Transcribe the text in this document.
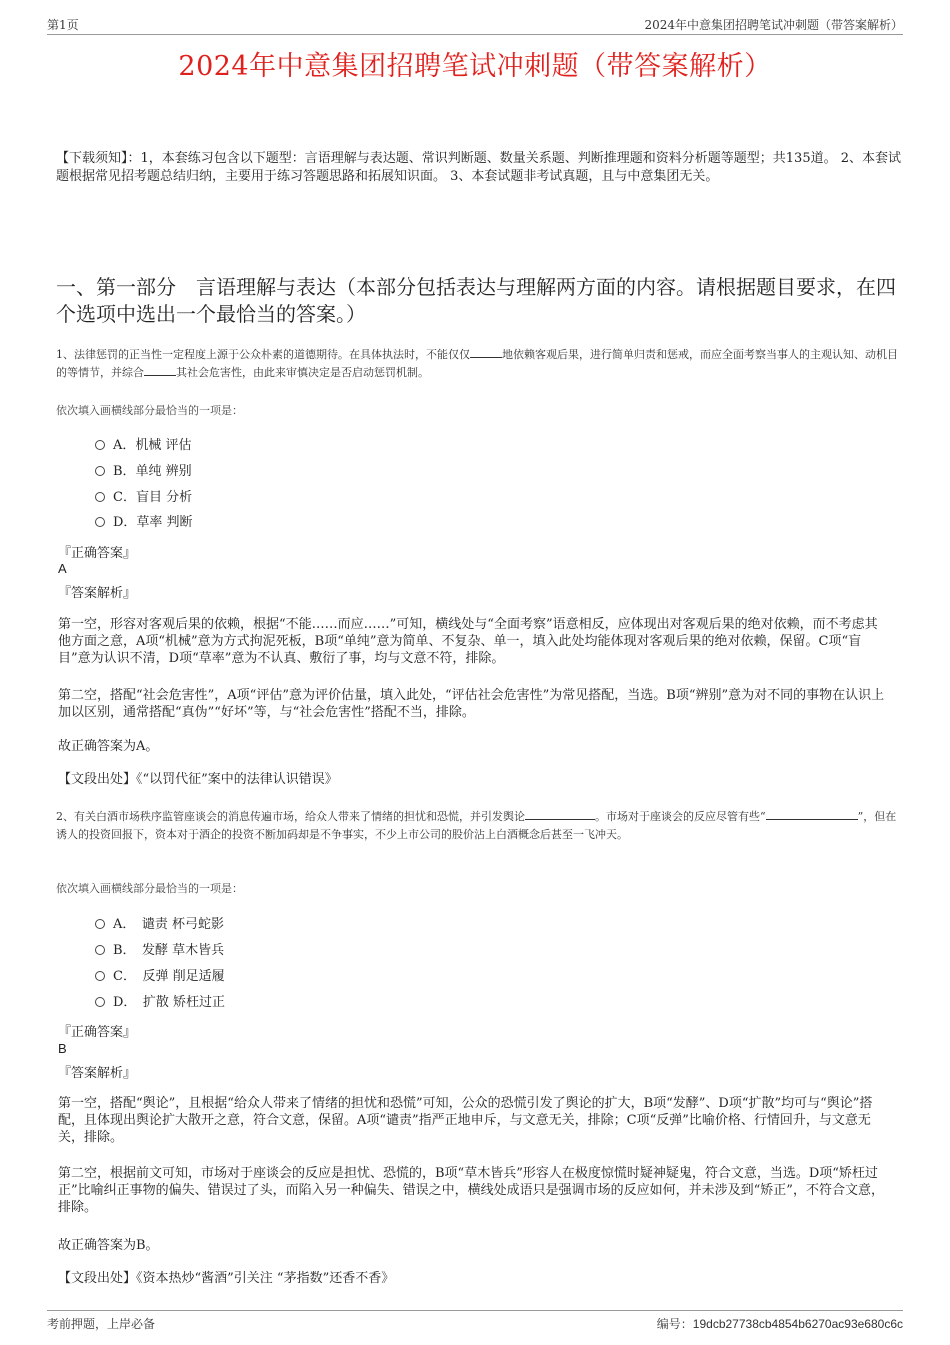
第1页	2024年中意集团招聘笔试冲刺题（带答案解析）
2024年中意集团招聘笔试冲刺题（带答案解析）
【下载须知】：1，本套练习包含以下题型：言语理解与表达题、常识判断题、数量关系题、判断推理题和资料分析题等题型；共135道。 2、本套试题根据常见招考题总结归纳，主要用于练习答题思路和拓展知识面。 3、本套试题非考试真题，且与中意集团无关。
一、第一部分　言语理解与表达（本部分包括表达与理解两方面的内容。请根据题目要求，在四个选项中选出一个最恰当的答案。）
1、法律惩罚的正当性一定程度上源于公众朴素的道德期待。在具体执法时，不能仅仅	地依赖客观后果，进行简单归责和惩戒，而应全面考察当事人的主观认知、动机目的等情节，并综合	其社会危害性，由此来审慎决定是否启动惩罚机制。
依次填入画横线部分最恰当的一项是：
A．机械 评估
B．单纯 辨别
C．盲目 分析
D．草率 判断
『正确答案』
A
『答案解析』
第一空，形容对客观后果的依赖，根据“不能……而应……”可知，横线处与“全面考察”语意相反，应体现出对客观后果的绝对依赖，而不考虑其他方面之意，A项“机械”意为方式拘泥死板，B项“单纯”意为简单、不复杂、单一，填入此处均能体现对客观后果的绝对依赖，保留。C项“盲目”意为认识不清，D项“草率”意为不认真、敷衍了事，均与文意不符，排除。
第二空，搭配“社会危害性”，A项“评估”意为评价估量，填入此处，“评估社会危害性”为常见搭配，当选。B项“辨别”意为对不同的事物在认识上加以区别，通常搭配“真伪”“好坏”等，与“社会危害性”搭配不当，排除。
故正确答案为A。
【文段出处】《“以罚代征”案中的法律认识错误》
2、有关白酒市场秩序监管座谈会的消息传遍市场，给众人带来了情绪的担忧和恐慌，并引发舆论	。市场对于座谈会的反应尽管有些“	”，但在诱人的投资回报下，资本对于酒企的投资不断加码却是不争事实，不少上市公司的股价沾上白酒概念后甚至一飞冲天。
依次填入画横线部分最恰当的一项是：
A．　谴责 杯弓蛇影
B．　发酵 草木皆兵
C．　反弹 削足适履
D．　扩散 矫枉过正
『正确答案』
B
『答案解析』
第一空，搭配“舆论”，且根据“给众人带来了情绪的担忧和恐慌”可知，公众的恐慌引发了舆论的扩大，B项“发酵”、D项“扩散”均可与“舆论”搭配，且体现出舆论扩大散开之意，符合文意，保留。A项“谴责”指严正地申斥，与文意无关，排除；C项“反弹”比喻价格、行情回升，与文意无关，排除。
第二空，根据前文可知，市场对于座谈会的反应是担忧、恐慌的，B项“草木皆兵”形容人在极度惊慌时疑神疑鬼，符合文意，当选。D项“矫枉过正”比喻纠正事物的偏失、错误过了头，而陷入另一种偏失、错误之中，横线处成语只是强调市场的反应如何，并未涉及到“矫正”，不符合文意，排除。
故正确答案为B。
【文段出处】《资本热炒“酱酒”引关注 “茅指数”还香不香》
考前押题，上岸必备	编号：19dcb27738cb4854b6270ac93e680c6c
